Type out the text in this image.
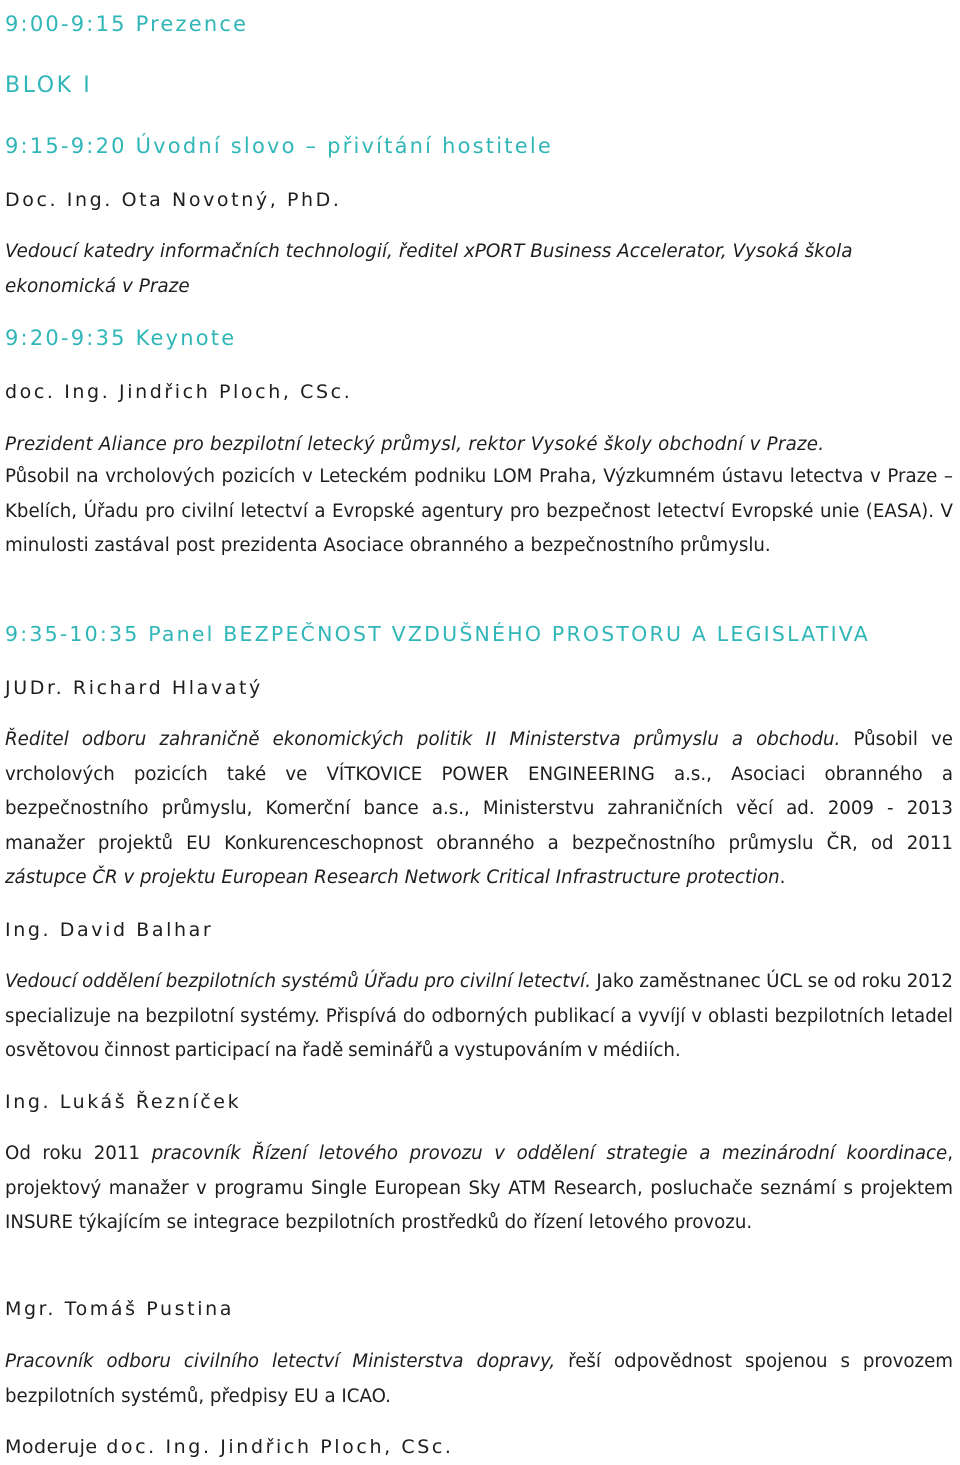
9:00-9:15 Prezence

BLOK I

9:15-9:20 Úvodní slovo – přivítání hostitele

Doc. Ing. Ota Novotný, PhD.

Vedoucí katedry informačních technologií, ředitel xPORT Business Accelerator, Vysoká škola ekonomická v Praze

9:20-9:35 Keynote

doc. Ing. Jindřich Ploch, CSc.

Prezident Aliance pro bezpilotní letecký průmysl, rektor Vysoké školy obchodní v Praze.

Působil na vrcholových pozicích v Leteckém podniku LOM Praha, Výzkumném ústavu letectva v Praze – Kbelích, Úřadu pro civilní letectví a Evropské agentury pro bezpečnost letectví Evropské unie (EASA). V minulosti zastával post prezidenta Asociace obranného a bezpečnostního průmyslu.

9:35-10:35 Panel BEZPEČNOST VZDUŠNÉHO PROSTORU A LEGISLATIVA

JUDr. Richard Hlavatý

Ředitel odboru zahraničně ekonomických politik II Ministerstva průmyslu a obchodu. Působil ve vrcholových pozicích také ve VÍTKOVICE POWER ENGINEERING a.s., Asociaci obranného a bezpečnostního průmyslu, Komerční bance a.s., Ministerstvu zahraničních věcí ad. 2009 - 2013 manažer projektů EU Konkurenceschopnost obranného a bezpečnostního průmyslu ČR, od 2011 zástupce ČR v projektu European Research Network Critical Infrastructure protection.

Ing. David Balhar

Vedoucí oddělení bezpilotních systémů Úřadu pro civilní letectví. Jako zaměstnanec ÚCL se od roku 2012 specializuje na bezpilotní systémy. Přispívá do odborných publikací a vyvíjí v oblasti bezpilotních letadel osvětovou činnost participací na řadě seminářů a vystupováním v médiích.

Ing. Lukáš Řezníček

Od roku 2011 pracovník Řízení letového provozu v oddělení strategie a mezinárodní koordinace, projektový manažer v programu Single European Sky ATM Research, posluchače seznámí s projektem INSURE týkajícím se integrace bezpilotních prostředků do řízení letového provozu.

Mgr. Tomáš Pustina

Pracovník odboru civilního letectví Ministerstva dopravy, řeší odpovědnost spojenou s provozem bezpilotních systémů, předpisy EU a ICAO.

Moderuje doc. Ing. Jindřich Ploch, CSc.
